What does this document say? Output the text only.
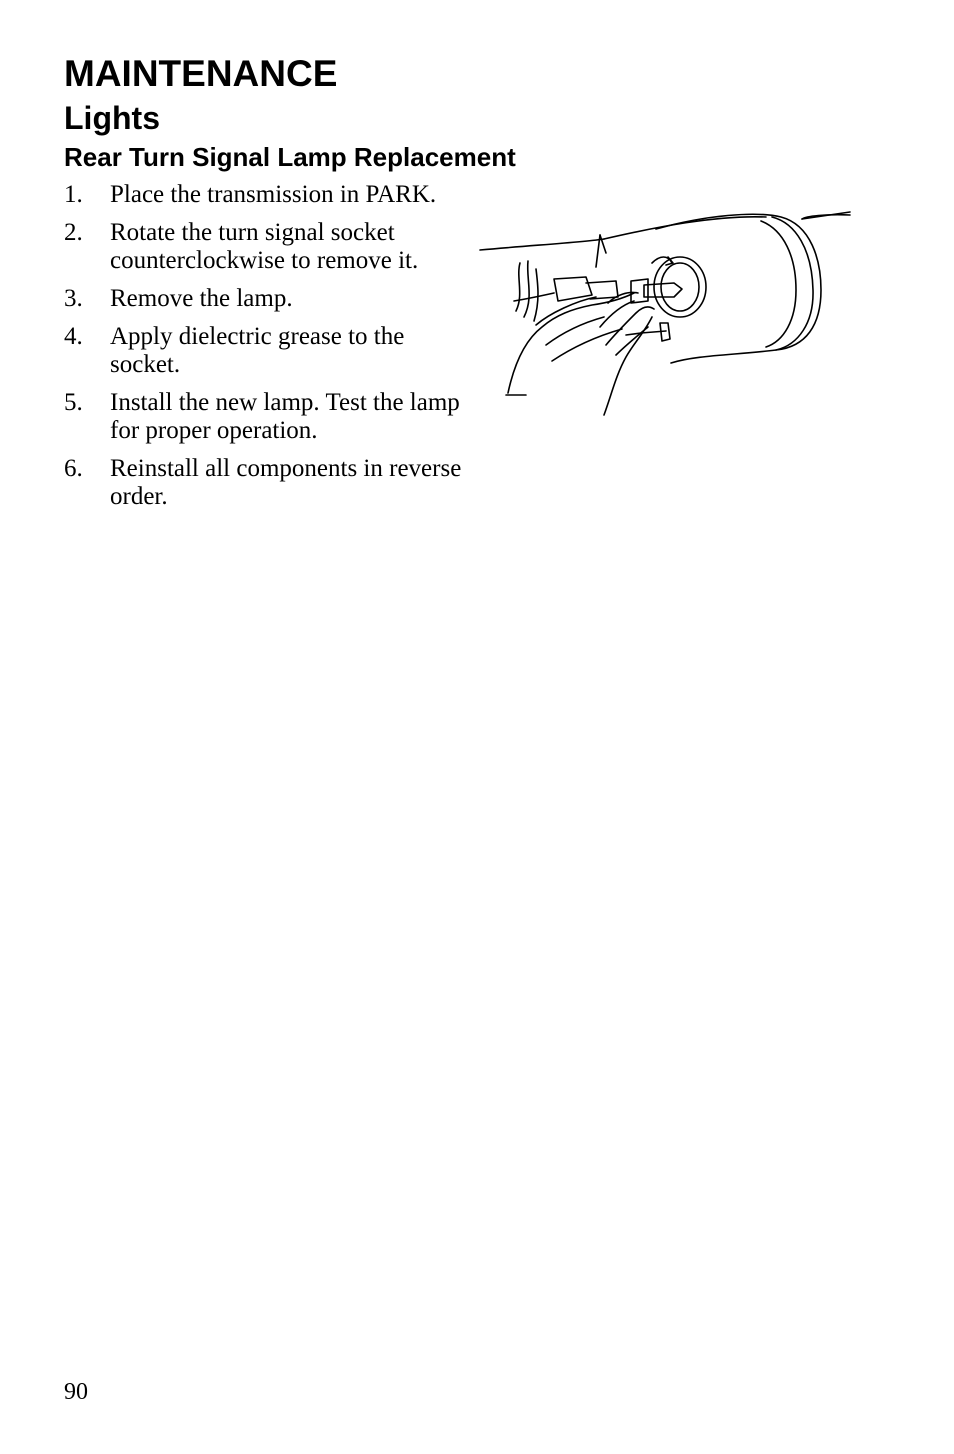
MAINTENANCE
Lights
Rear Turn Signal Lamp Replacement
1. Place the transmission in PARK.
2. Rotate the turn signal socket counterclockwise to remove it.
3. Remove the lamp.
4. Apply dielectric grease to the socket.
5. Install the new lamp. Test the lamp for proper operation.
6. Reinstall all components in reverse order.
90
